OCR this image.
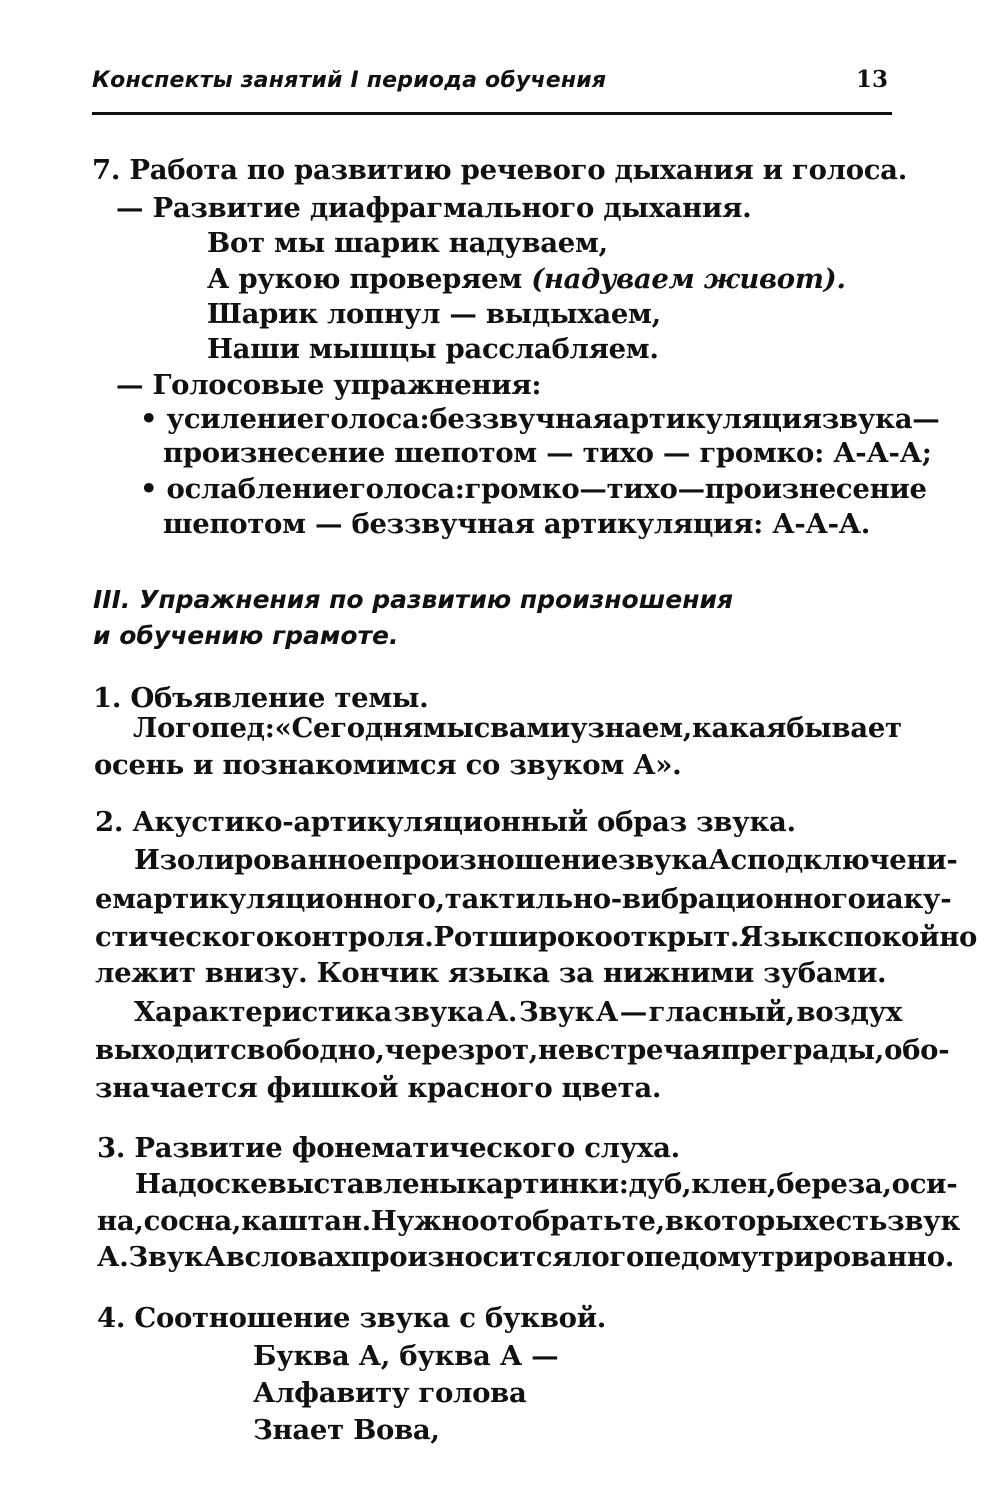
Конспекты занятий I периода обучения	13
7. Работа по развитию речевого дыхания и голоса.
— Развитие диафрагмального дыхания.
Вот мы шарик надуваем,
А рукою проверяем (надуваем живот).
Шарик лопнул — выдыхаем,
Наши мышцы расслабляем.
— Голосовые упражнения:
• усиление голоса: беззвучная артикуляция звука —
произнесение шепотом — тихо — громко: А-А-А;
• ослабление голоса: громко — тихо — произнесение
шепотом — беззвучная артикуляция: А-А-А.
III. Упражнения по развитию произношения
и обучению грамоте.
1. Объявление темы.
Логопед: «Сегодня мы с вами узнаем, какая бывает
осень и познакомимся со звуком А».
2. Акустико-артикуляционный образ звука.
Изолированное произношение звука А с подключени-
ем артикуляционного, тактильно-вибрационного и аку-
стического контроля. Рот широко открыт. Язык спокойно
лежит внизу. Кончик языка за нижними зубами.
Характеристика звука А. Звук А — гласный, воздух
выходит свободно, через рот, не встречая преграды, обо-
значается фишкой красного цвета.
3. Развитие фонематического слуха.
На доске выставлены картинки: дуб, клен, береза, оси-
на, сосна, каштан. Нужно отобрать те, в которых есть звук
А. Звук А в словах произносится логопедом утрированно.
4. Соотношение звука с буквой.
Буква А, буква А —
Алфавиту голова
Знает Вова,
